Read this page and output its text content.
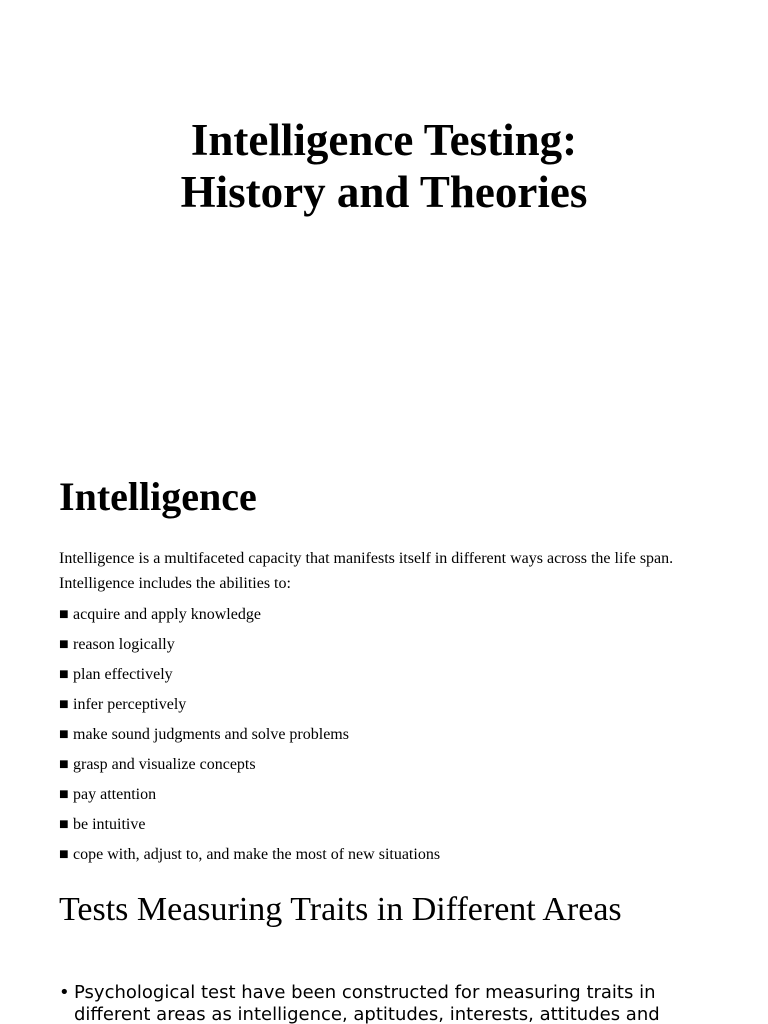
Intelligence Testing:
History and Theories
Intelligence

Intelligence is a multifaceted capacity that manifests itself in different ways across the life span. Intelligence includes the abilities to:

■ acquire and apply knowledge
■ reason logically
■ plan effectively
■ infer perceptively
■ make sound judgments and solve problems
■ grasp and visualize concepts
■ pay attention
■ be intuitive
■ cope with, adjust to, and make the most of new situations
Tests Measuring Traits in Different Areas
• Psychological test have been constructed for measuring traits in different areas as intelligence, aptitudes, interests, attitudes and
